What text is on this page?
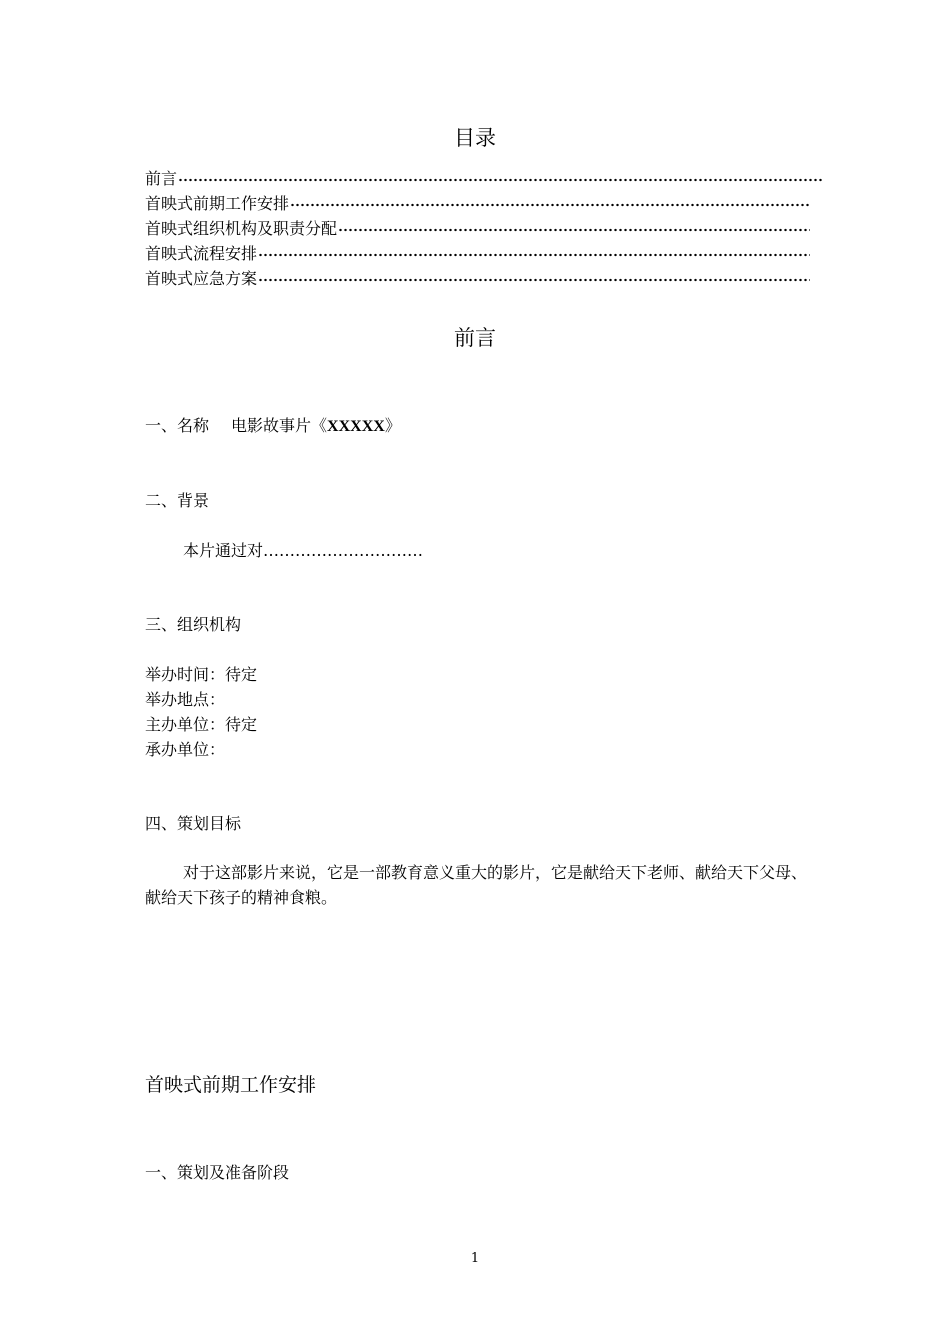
目录
前言
首映式前期工作安排
首映式组织机构及职责分配
首映式流程安排
首映式应急方案
前言
一、名称 电影故事片《XXXXX》
二、背景
本片通过对…………………………
三、组织机构
举办时间：待定
举办地点：
主办单位：待定
承办单位：
四、策划目标
对于这部影片来说，它是一部教育意义重大的影片，它是献给天下老师、献给天下父母、献给天下孩子的精神食粮。
首映式前期工作安排
一、策划及准备阶段
1
